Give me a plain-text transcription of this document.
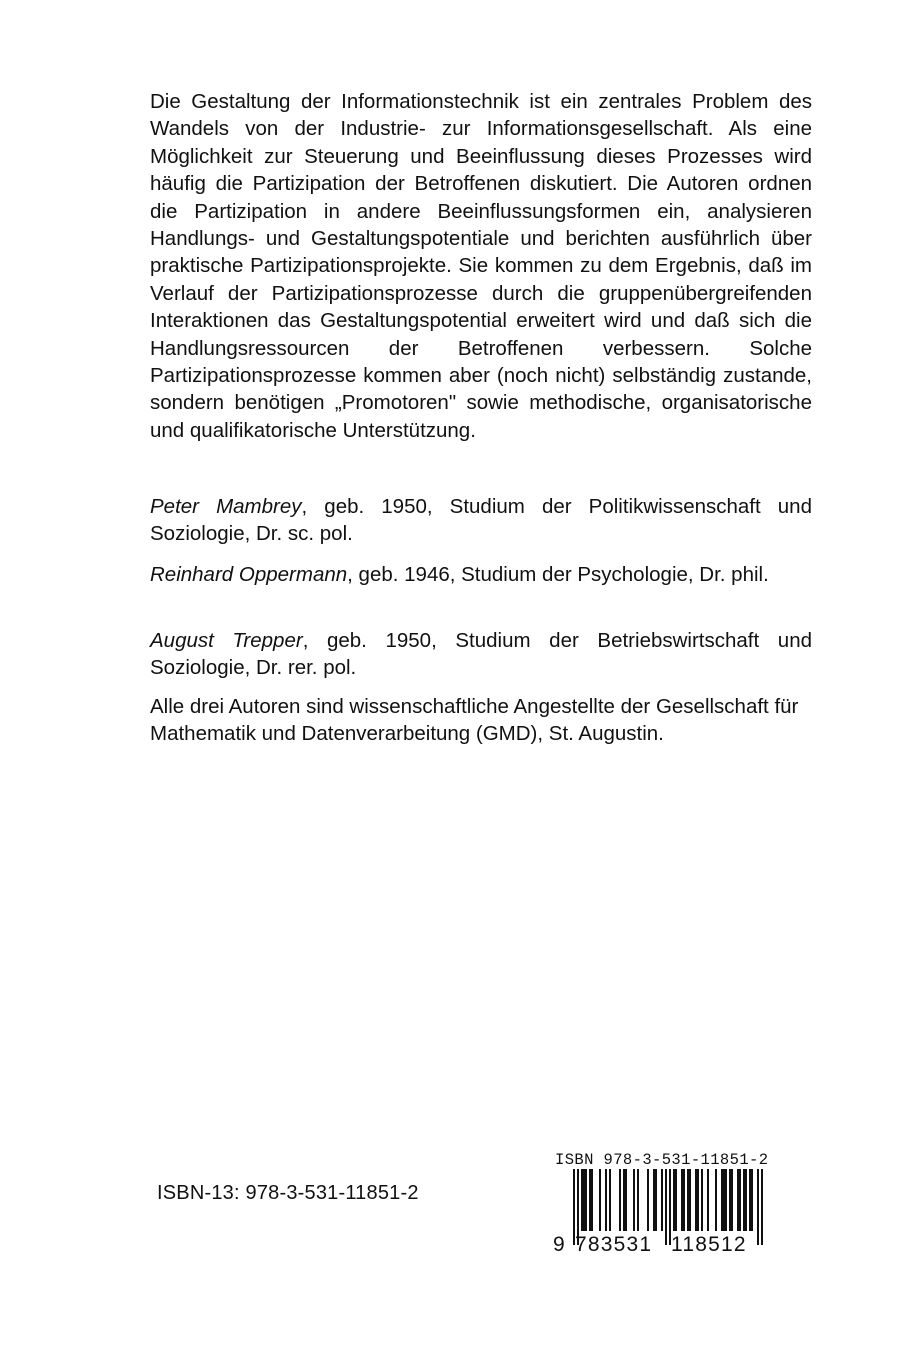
Die Gestaltung der Informationstechnik ist ein zentrales Problem des Wandels von der Industrie- zur Informationsgesellschaft. Als eine Möglichkeit zur Steuerung und Beeinflussung dieses Prozesses wird häufig die Partizipation der Betroffenen diskutiert. Die Autoren ordnen die Partizipation in andere Beeinflussungsformen ein, analysieren Handlungs- und Gestaltungspotentiale und berichten ausführlich über praktische Partizipationsprojekte. Sie kommen zu dem Ergebnis, daß im Verlauf der Partizipationsprozesse durch die gruppenübergreifenden Interaktionen das Gestaltungspotential erweitert wird und daß sich die Handlungsressourcen der Betroffenen verbessern. Solche Partizipationsprozesse kommen aber (noch nicht) selbständig zustande, sondern benötigen „Promotoren" sowie methodische, organisatorische und qualifikatorische Unterstützung.
Peter Mambrey, geb. 1950, Studium der Politikwissenschaft und Soziologie, Dr. sc. pol.
Reinhard Oppermann, geb. 1946, Studium der Psychologie, Dr. phil.
August Trepper, geb. 1950, Studium der Betriebswirtschaft und Soziologie, Dr. rer. pol.
Alle drei Autoren sind wissenschaftliche Angestellte der Gesellschaft für Mathematik und Datenverarbeitung (GMD), St. Augustin.
ISBN-13: 978-3-531-11851-2
ISBN 978-3-531-11851-2
9 783531 118512
